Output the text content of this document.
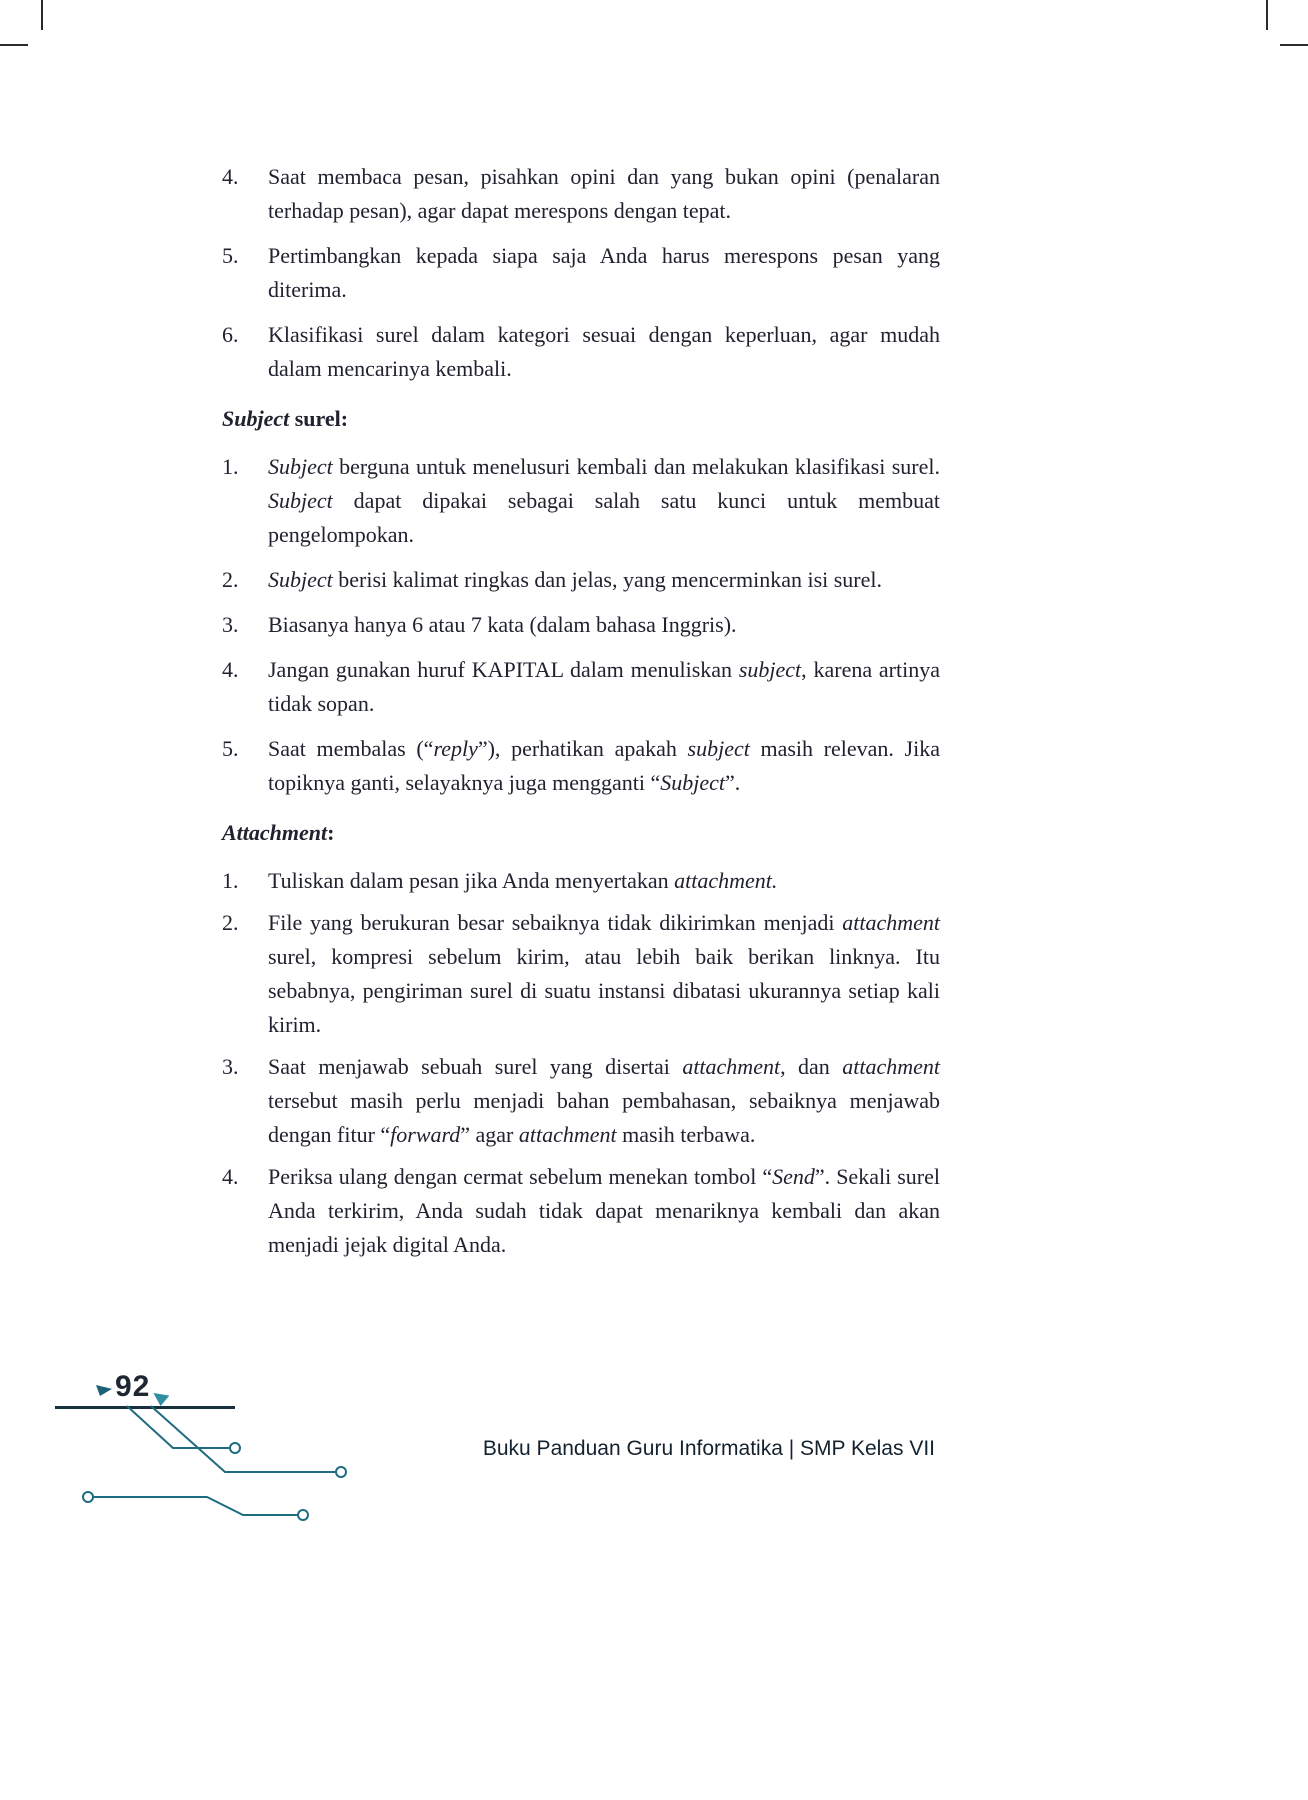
4.	Saat membaca pesan, pisahkan opini dan yang bukan opini (penalaran terhadap pesan), agar dapat merespons dengan tepat.
5.	Pertimbangkan kepada siapa saja Anda harus merespons pesan yang diterima.
6.	Klasifikasi surel dalam kategori sesuai dengan keperluan, agar mudah dalam mencarinya kembali.
Subject surel:
1.	Subject berguna untuk menelusuri kembali dan melakukan klasifikasi surel. Subject dapat dipakai sebagai salah satu kunci untuk membuat pengelompokan.
2.	Subject berisi kalimat ringkas dan jelas, yang mencerminkan isi surel.
3.	Biasanya hanya 6 atau 7 kata (dalam bahasa Inggris).
4.	Jangan gunakan huruf KAPITAL dalam menuliskan subject, karena artinya tidak sopan.
5.	Saat membalas (“reply”), perhatikan apakah subject masih relevan. Jika topiknya ganti, selayaknya juga mengganti “Subject”.
Attachment:
1.	Tuliskan dalam pesan jika Anda menyertakan attachment.
2.	File yang berukuran besar sebaiknya tidak dikirimkan menjadi attachment surel, kompresi sebelum kirim, atau lebih baik berikan linknya. Itu sebabnya, pengiriman surel di suatu instansi dibatasi ukurannya setiap kali kirim.
3.	Saat menjawab sebuah surel yang disertai attachment, dan attachment tersebut masih perlu menjadi bahan pembahasan, sebaiknya menjawab dengan fitur “forward” agar attachment masih terbawa.
4.	Periksa ulang dengan cermat sebelum menekan tombol “Send”. Sekali surel Anda terkirim, Anda sudah tidak dapat menariknya kembali dan akan menjadi jejak digital Anda.
92
Buku Panduan Guru Informatika | SMP Kelas VII
